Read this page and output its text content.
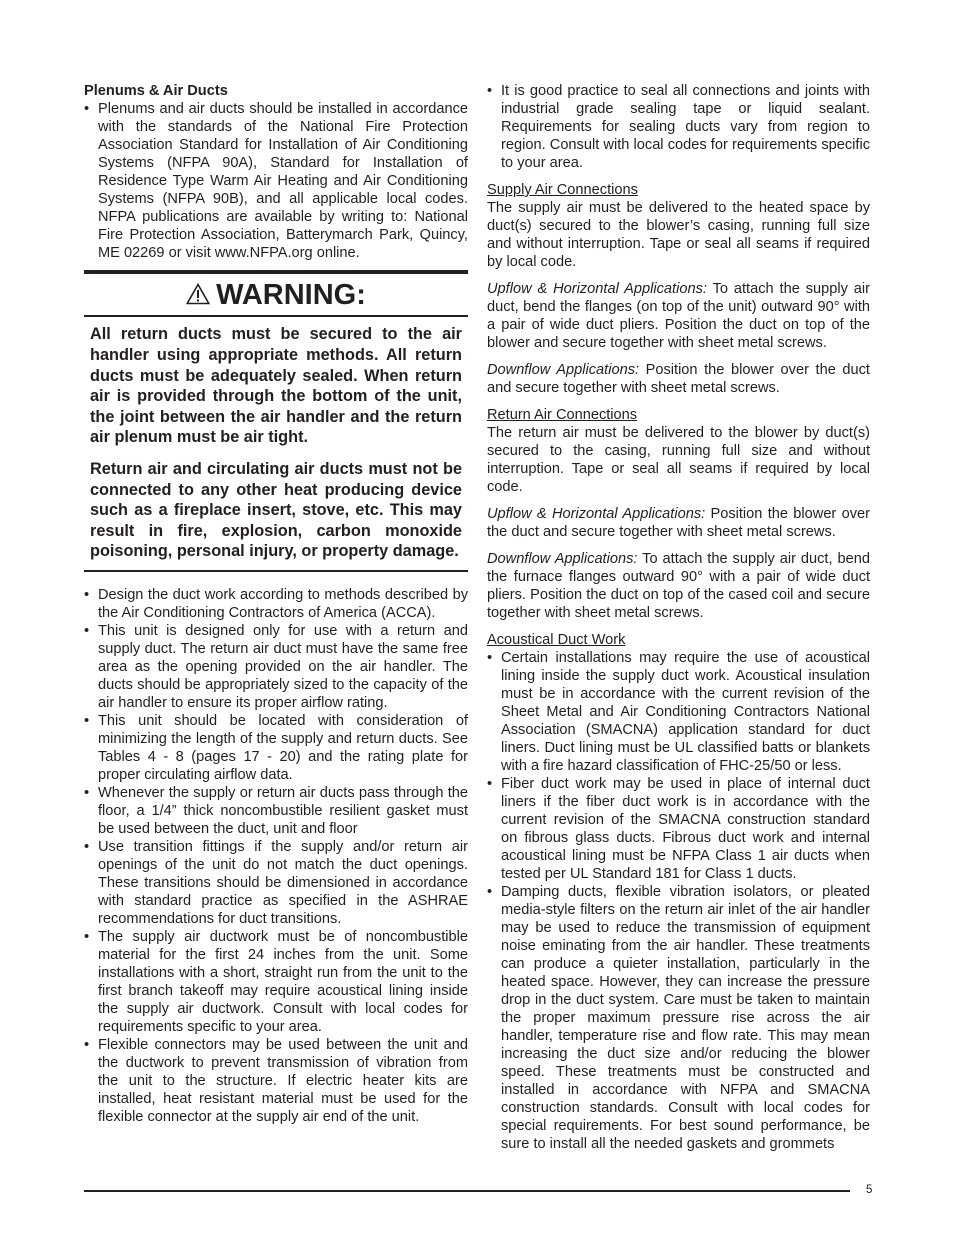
Plenums & Air Ducts
• Plenums and air ducts should be installed in accordance with the standards of the National Fire Protection Association Standard for Installation of Air Conditioning Systems (NFPA 90A), Standard for Installation of Residence Type Warm Air Heating and Air Conditioning Systems (NFPA 90B), and all applicable local codes. NFPA publications are available by writing to: National Fire Protection Association, Batterymarch Park, Quincy, ME 02269 or visit www.NFPA.org online.
WARNING:

All return ducts must be secured to the air handler using appropriate methods. All return ducts must be adequately sealed. When return air is provided through the bottom of the unit, the joint between the air handler and the return air plenum must be air tight.

Return air and circulating air ducts must not be connected to any other heat producing device such as a fireplace insert, stove, etc. This may result in fire, explosion, carbon monoxide poisoning, personal injury, or property damage.

• Design the duct work according to methods described by the Air Conditioning Contractors of America (ACCA).
• This unit is designed only for use with a return and supply duct. The return air duct must have the same free area as the opening provided on the air handler. The ducts should be appropriately sized to the capacity of the air handler to ensure its proper airflow rating.
• This unit should be located with consideration of minimizing the length of the supply and return ducts. See Tables 4 - 8 (pages 17 - 20) and the rating plate for proper circulating airflow data.
• Whenever the supply or return air ducts pass through the floor, a 1/4” thick noncombustible resilient gasket must be used between the duct, unit and floor
• Use transition fittings if the supply and/or return air openings of the unit do not match the duct openings. These transitions should be dimensioned in accordance with standard practice as specified in the ASHRAE recommendations for duct transitions.
• The supply air ductwork must be of noncombustible material for the first 24 inches from the unit. Some installations with a short, straight run from the unit to the first branch takeoff may require acoustical lining inside the supply air ductwork. Consult with local codes for requirements specific to your area.
• Flexible connectors may be used between the unit and the ductwork to prevent transmission of vibration from the unit to the structure. If electric heater kits are installed, heat resistant material must be used for the flexible connector at the supply air end of the unit.
• It is good practice to seal all connections and joints with industrial grade sealing tape or liquid sealant. Requirements for sealing ducts vary from region to region. Consult with local codes for requirements specific to your area.
Supply Air Connections

The supply air must be delivered to the heated space by duct(s) secured to the blower’s casing, running full size and without interruption. Tape or seal all seams if required by local code.

Upflow & Horizontal Applications: To attach the supply air duct, bend the flanges (on top of the unit) outward 90° with a pair of wide duct pliers. Position the duct on top of the blower and secure together with sheet metal screws.

Downflow Applications: Position the blower over the duct and secure together with sheet metal screws.

Return Air Connections

The return air must be delivered to the blower by duct(s) secured to the casing, running full size and without interruption. Tape or seal all seams if required by local code.

Upflow & Horizontal Applications: Position the blower over the duct and secure together with sheet metal screws.

Downflow Applications: To attach the supply air duct, bend the furnace flanges outward 90° with a pair of wide duct pliers. Position the duct on top of the cased coil and secure together with sheet metal screws.

Acoustical Duct Work
• Certain installations may require the use of acoustical lining inside the supply duct work. Acoustical insulation must be in accordance with the current revision of the Sheet Metal and Air Conditioning Contractors National Association (SMACNA) application standard for duct liners. Duct lining must be UL classified batts or blankets with a fire hazard classification of FHC-25/50 or less.
• Fiber duct work may be used in place of internal duct liners if the fiber duct work is in accordance with the current revision of the SMACNA construction standard on fibrous glass ducts. Fibrous duct work and internal acoustical lining must be NFPA Class 1 air ducts when tested per UL Standard 181 for Class 1 ducts.
• Damping ducts, flexible vibration isolators, or pleated media-style filters on the return air inlet of the air handler may be used to reduce the transmission of equipment noise eminating from the air handler. These treatments can produce a quieter installation, particularly in the heated space. However, they can increase the pressure drop in the duct system. Care must be taken to maintain the proper maximum pressure rise across the air handler, temperature rise and flow rate. This may mean increasing the duct size and/or reducing the blower speed. These treatments must be constructed and installed in accordance with NFPA and SMACNA construction standards. Consult with local codes for special requirements. For best sound performance, be sure to install all the needed gaskets and grommets
5
